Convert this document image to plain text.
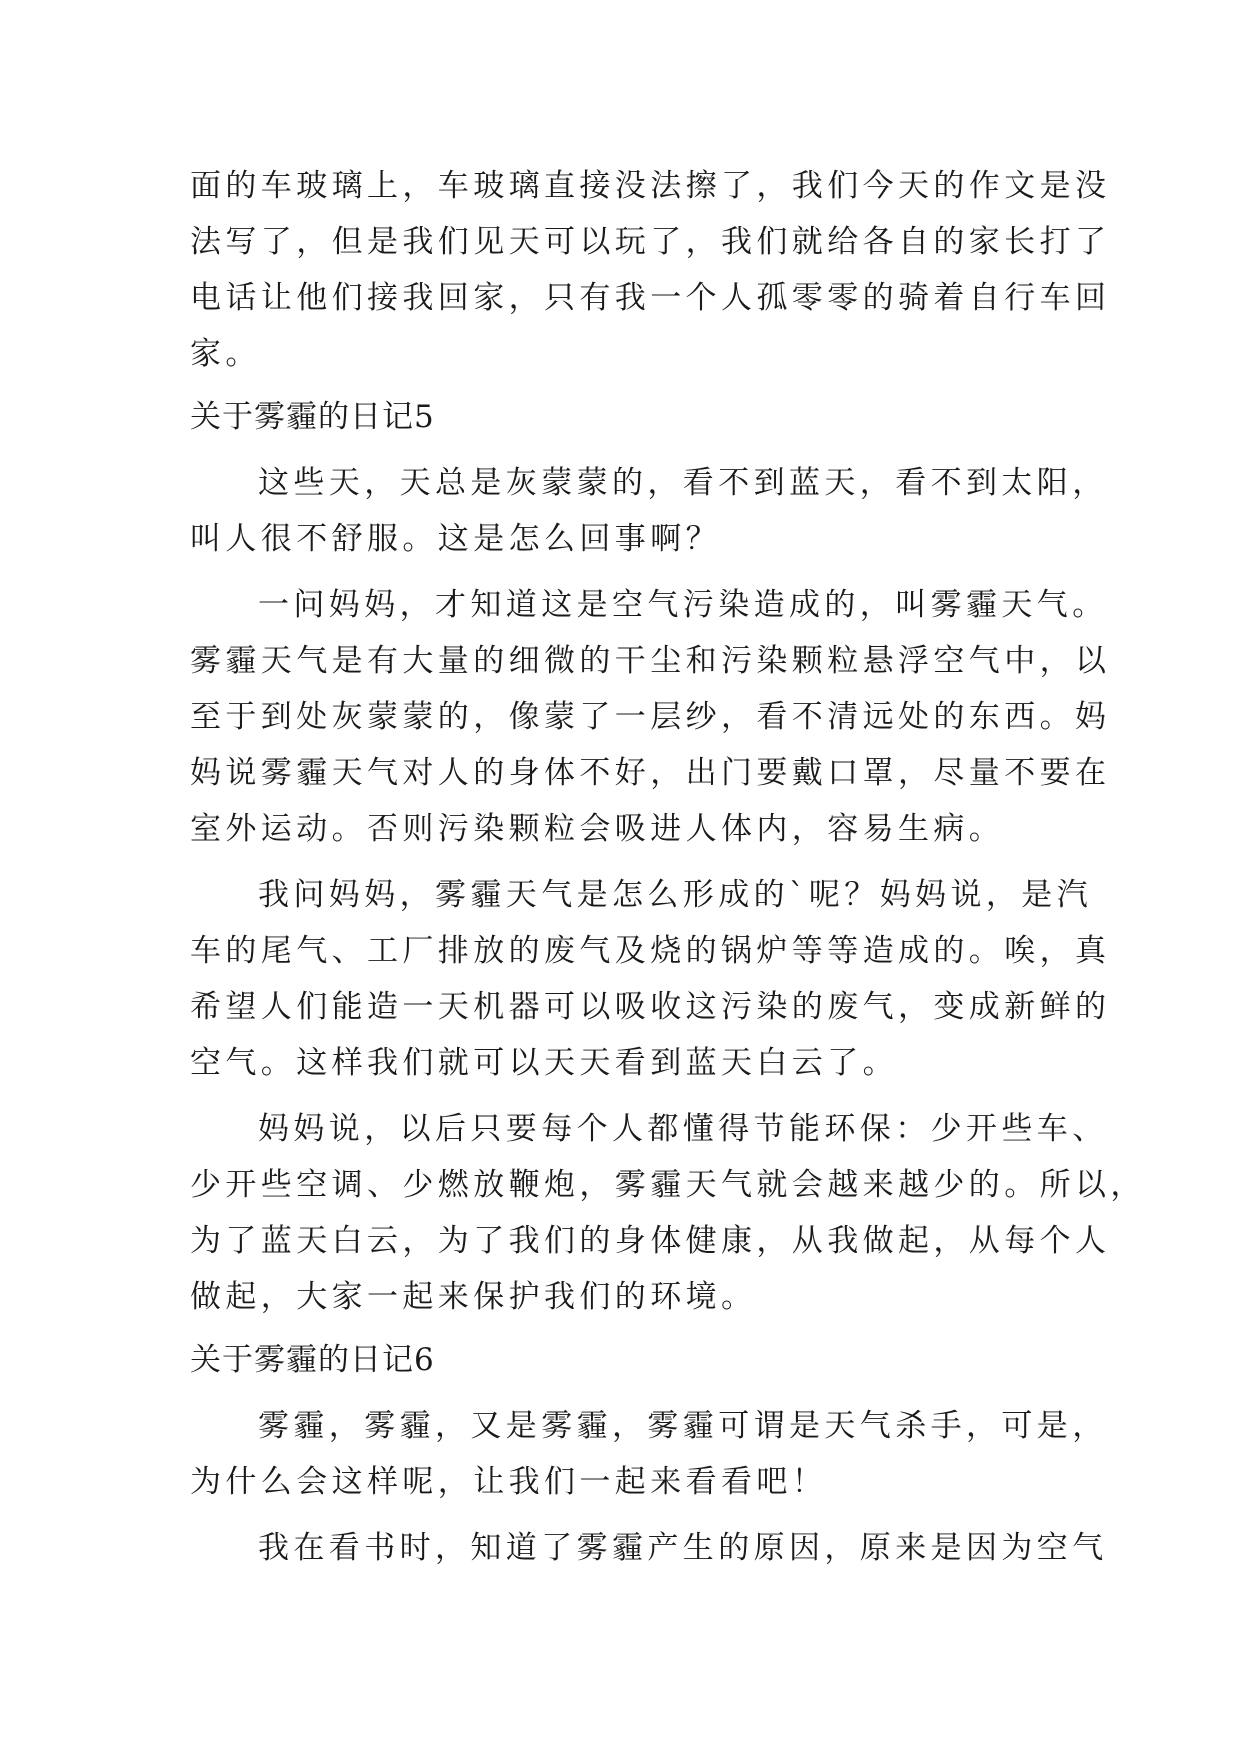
面的车玻璃上，车玻璃直接没法擦了，我们今天的作文是没
法写了，但是我们见天可以玩了，我们就给各自的家长打了
电话让他们接我回家，只有我一个人孤零零的骑着自行车回
家。
关于雾霾的日记5
这些天，天总是灰蒙蒙的，看不到蓝天，看不到太阳，
叫人很不舒服。这是怎么回事啊？
一问妈妈，才知道这是空气污染造成的，叫雾霾天气。
雾霾天气是有大量的细微的干尘和污染颗粒悬浮空气中，以
至于到处灰蒙蒙的，像蒙了一层纱，看不清远处的东西。妈
妈说雾霾天气对人的身体不好，出门要戴口罩，尽量不要在
室外运动。否则污染颗粒会吸进人体内，容易生病。
我问妈妈，雾霾天气是怎么形成的`呢？妈妈说，是汽
车的尾气、工厂排放的废气及烧的锅炉等等造成的。唉，真
希望人们能造一天机器可以吸收这污染的废气，变成新鲜的
空气。这样我们就可以天天看到蓝天白云了。
妈妈说，以后只要每个人都懂得节能环保：少开些车、
少开些空调、少燃放鞭炮，雾霾天气就会越来越少的。所以，
为了蓝天白云，为了我们的身体健康，从我做起，从每个人
做起，大家一起来保护我们的环境。
关于雾霾的日记6
雾霾，雾霾，又是雾霾，雾霾可谓是天气杀手，可是，
为什么会这样呢，让我们一起来看看吧！
我在看书时，知道了雾霾产生的原因，原来是因为空气
